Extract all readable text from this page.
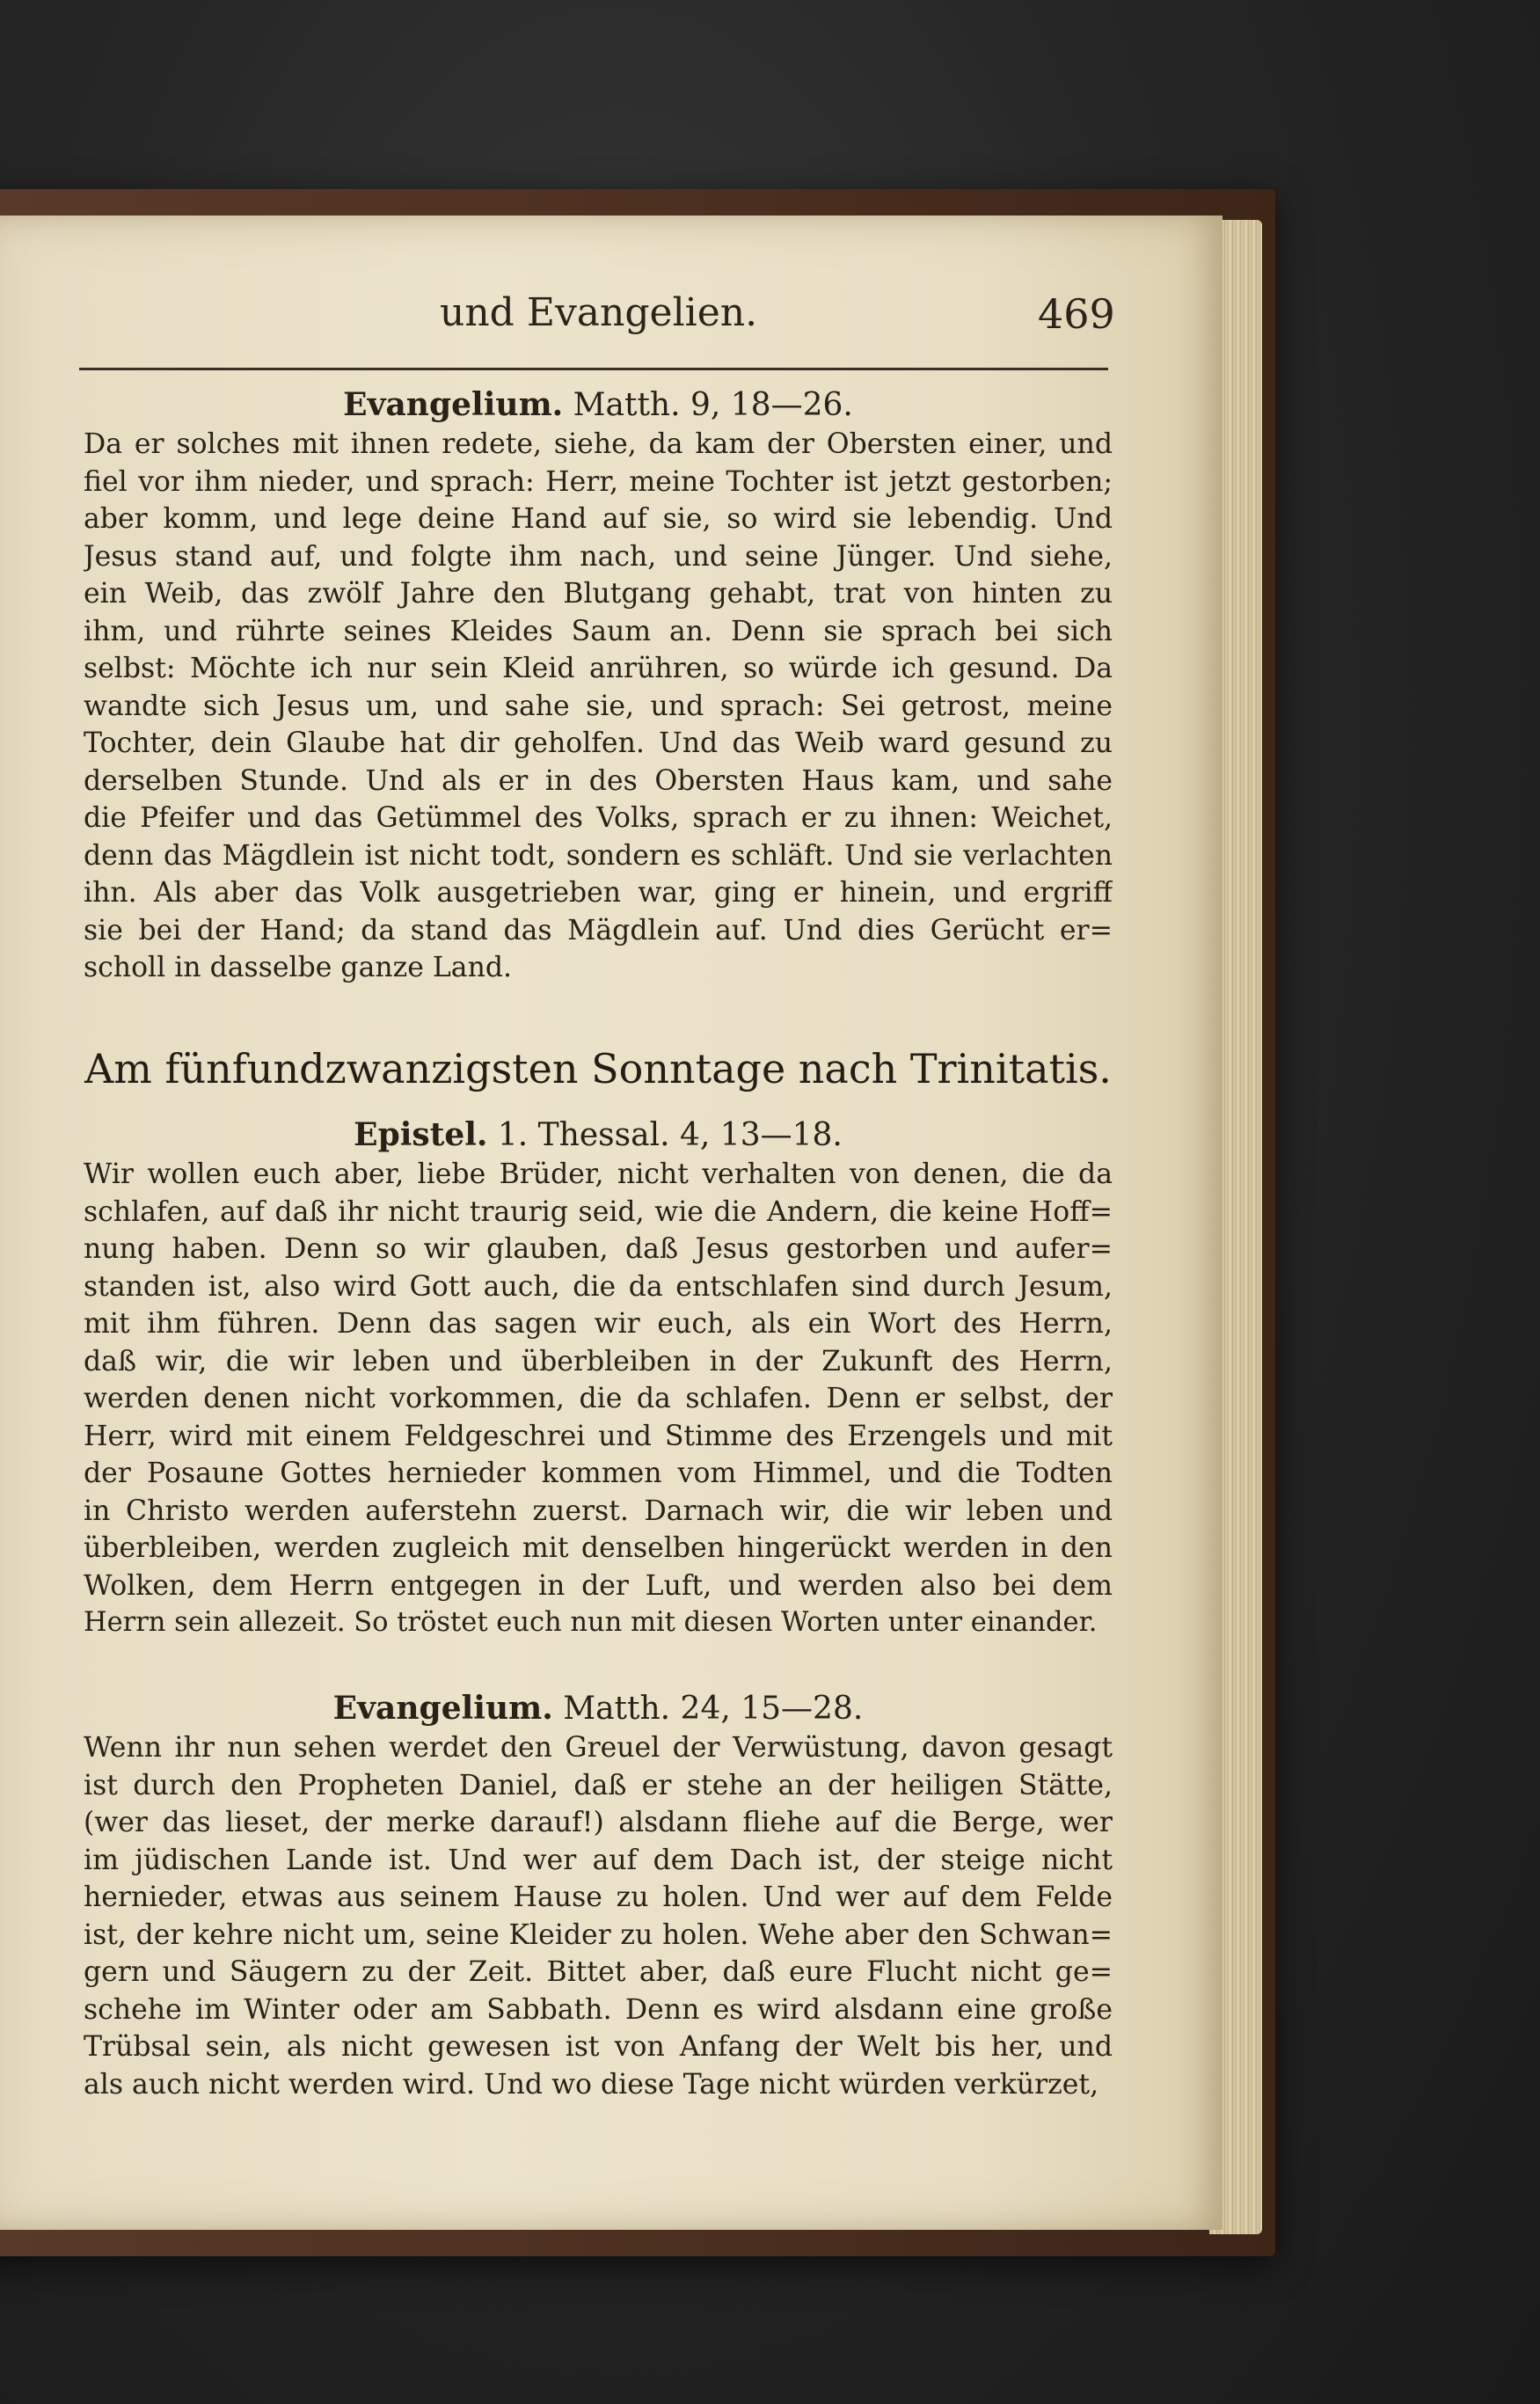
und Evangelien.	469
Evangelium. Matth. 9, 18—26.
Da er solches mit ihnen redete, siehe, da kam der Obersten einer, und
fiel vor ihm nieder, und sprach: Herr, meine Tochter ist jetzt gestorben;
aber komm, und lege deine Hand auf sie, so wird sie lebendig. Und
Jesus stand auf, und folgte ihm nach, und seine Jünger. Und siehe,
ein Weib, das zwölf Jahre den Blutgang gehabt, trat von hinten zu
ihm, und rührte seines Kleides Saum an. Denn sie sprach bei sich
selbst: Möchte ich nur sein Kleid anrühren, so würde ich gesund. Da
wandte sich Jesus um, und sahe sie, und sprach: Sei getrost, meine
Tochter, dein Glaube hat dir geholfen. Und das Weib ward gesund zu
derselben Stunde. Und als er in des Obersten Haus kam, und sahe
die Pfeifer und das Getümmel des Volks, sprach er zu ihnen: Weichet,
denn das Mägdlein ist nicht todt, sondern es schläft. Und sie verlachten
ihn. Als aber das Volk ausgetrieben war, ging er hinein, und ergriff
sie bei der Hand; da stand das Mägdlein auf. Und dies Gerücht er=
scholl in dasselbe ganze Land.
Am fünfundzwanzigsten Sonntage nach Trinitatis.
Epistel. 1. Thessal. 4, 13—18.
Wir wollen euch aber, liebe Brüder, nicht verhalten von denen, die da
schlafen, auf daß ihr nicht traurig seid, wie die Andern, die keine Hoff=
nung haben. Denn so wir glauben, daß Jesus gestorben und aufer=
standen ist, also wird Gott auch, die da entschlafen sind durch Jesum,
mit ihm führen. Denn das sagen wir euch, als ein Wort des Herrn,
daß wir, die wir leben und überbleiben in der Zukunft des Herrn,
werden denen nicht vorkommen, die da schlafen. Denn er selbst, der
Herr, wird mit einem Feldgeschrei und Stimme des Erzengels und mit
der Posaune Gottes hernieder kommen vom Himmel, und die Todten
in Christo werden auferstehn zuerst. Darnach wir, die wir leben und
überbleiben, werden zugleich mit denselben hingerückt werden in den
Wolken, dem Herrn entgegen in der Luft, und werden also bei dem
Herrn sein allezeit. So tröstet euch nun mit diesen Worten unter einander.
Evangelium. Matth. 24, 15—28.
Wenn ihr nun sehen werdet den Greuel der Verwüstung, davon gesagt
ist durch den Propheten Daniel, daß er stehe an der heiligen Stätte,
(wer das lieset, der merke darauf!) alsdann fliehe auf die Berge, wer
im jüdischen Lande ist. Und wer auf dem Dach ist, der steige nicht
hernieder, etwas aus seinem Hause zu holen. Und wer auf dem Felde
ist, der kehre nicht um, seine Kleider zu holen. Wehe aber den Schwan=
gern und Säugern zu der Zeit. Bittet aber, daß eure Flucht nicht ge=
schehe im Winter oder am Sabbath. Denn es wird alsdann eine große
Trübsal sein, als nicht gewesen ist von Anfang der Welt bis her, und
als auch nicht werden wird. Und wo diese Tage nicht würden verkürzet,
